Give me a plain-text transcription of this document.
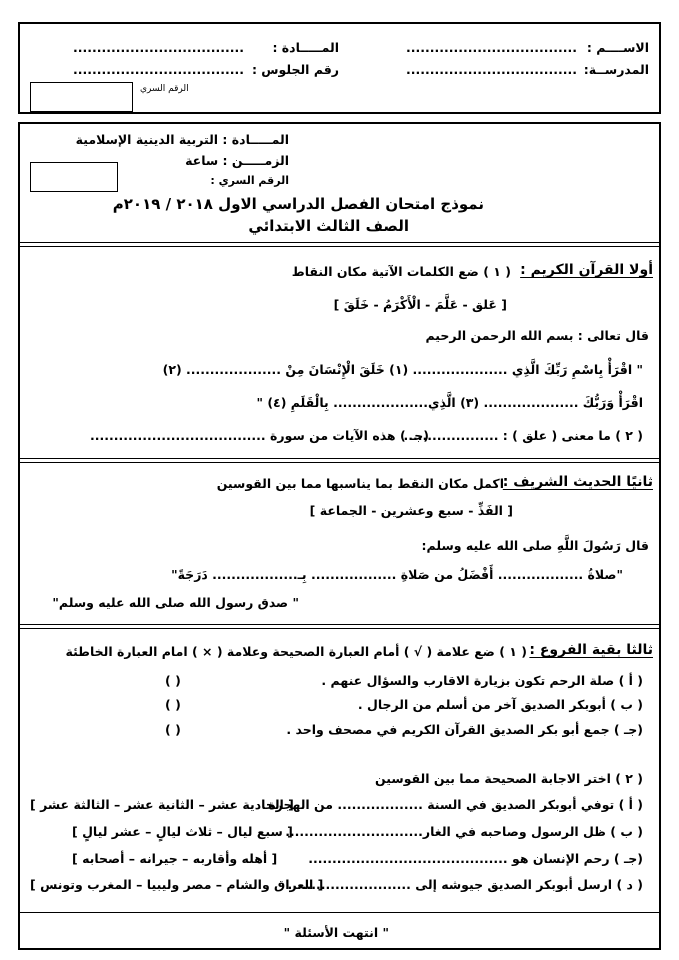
الاســــم :
....................................
المـــــادة :
....................................
المدرســة:
....................................
رقم الجلوس :
....................................
الرقم السري
المـــــادة : التربية الدينية الإسلامية
الزمـــــن : ساعة
الرقم السري :
نموذج امتحان الفصل الدراسي الاول ٢٠١٨ / ٢٠١٩م
الصف الثالث الابتدائي
أولا القرآن الكريم :
( ١ ) ضع الكلمات الآتية مكان النقاط
[ عَلق - عَلَّمَ - الْأَكْرَمُ - خَلَقَ ]
قال تعالى : بسم الله الرحمن الرحيم
" اقْرَأْ بِاسْمِ رَبِّكَ الَّذِي .................... (١) خَلَقَ الْإِنْسَانَ مِنْ .................... (٢)
اقْرَأْ وَرَبُّكَ .................... (٣) الَّذِي.................... بِالْقَلَمِ (٤) "
( ٢ ) ما معنى ( علق ) : ....................
(جـ ) هذه الآيات من سورة .....................................
ثانيًا الحديث الشريف :
اكمل مكان النقط بما يناسبها مما بين القوسين
[ الفَذِّ - سبع وعشرين - الجماعة ]
قال رَسُولَ اللَّهِ صلى الله عليه وسلم:
"صلاةُ .................. أَفْضَلُ من صَلاةِ .................. بِـ.................. دَرَجَةً"
" صدق رسول الله صلى الله عليه وسلم"
ثالثا بقية الفروع :
( ١ ) ضع علامة ( √ ) أمام العبارة الصحيحة وعلامة ( × ) امام العبارة الخاطئة
( أ ) صلة الرحم تكون بزيارة الاقارب والسؤال عنهم .
( )
( ب ) أبوبكر الصديق آخر من أسلم من الرجال .
( )
(جـ ) جمع أبو بكر الصديق القرآن الكريم في مصحف واحد .
( )
( ٢ ) اختر الاجابة الصحيحة مما بين القوسين
( أ ) توفي أبوبكر الصديق في السنة .................. من الهجرة
[ الحادية عشر – الثانية عشر – الثالثة عشر ]
( ب ) ظل الرسول وصاحبه في الغار.............................
[ سبع ليال – ثلاث ليالٍ – عشر ليالٍ ]
(جـ ) رحم الإنسان هو ..........................................
[ أهله وأقاربه – جيرانه – أصحابه ]
( د ) ارسل أبوبكر الصديق جيوشه إلى ..........................
[ العراق والشام – مصر وليبيا – المغرب وتونس ]
" انتهت الأسئلة "
